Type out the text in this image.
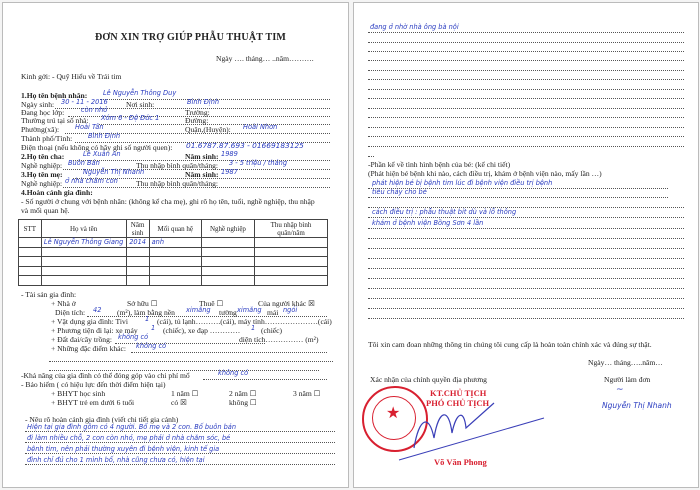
ĐƠN XIN TRỢ GIÚP PHẪU THUẬT TIM
Ngày …. tháng… ..năm……….
Kinh gởi: - Quỹ Hiểu về Trái tim
1.Họ tên bệnh nhân: Lê Nguyễn Thông Duy
Ngày sinh: 30 - 11 - 2016 Nơi sinh:	Bình Định
Đang học lớp:	còn nhỏ	Trường:
Thường trú tại số nhà: Xóm 6 - Đệ Đức 1	Đường:
Phường(xã): Hoài Tân	Quận,(Huyện): Hoài Nhơn
Thành phố/Tỉnh: Bình Định
Điện thoại (nếu không có hãy ghi số người quen): 01.6787.87.693 - 01669183125
2.Họ tên cha:	Lê Xuân An	Năm sinh: 1989
Nghề nghiệp: Buôn Bán	Thu nhập bình quân/tháng: 3 - 5 triệu / tháng
3.Họ tên mẹ:	Nguyễn Thị Nhanh	Năm sinh: 1987
Nghề nghiệp: ở nhà chăm con Thu nhập bình quân/tháng:
4.Hoàn cảnh gia đình:
- Số người ở chung với bệnh nhân: (không kể cha mẹ), ghi rõ họ tên, tuổi, nghề nghiệp, thu nhập
và mối quan hệ.
STT	Họ và tên	Năm sinh	Mối quan hệ	Nghề nghiệp	Thu nhập bình quân/năm
	Lê Nguyễn Thông Giang	2014	anh		

- Tài sản gia đình:
+ Nhà ở	Sở hữu ☐	Thuê ☐	Của người khác ☒
Diện tích: 42 (m²), làm bằng nền ximăng tường ximăng mái ngói
+ Vật dụng gia đình: Tivi	1 (cái), tủ lạnh……….(cái), máy tính…………………(cái)
+ Phương tiện đi lại: xe máy 1 (chiếc), xe đạp ………… 1 (chiếc)
+ Đất đai/cây trồng: không có	diện tích…………… (m²)
+ Những đặc điểm khác: không có
-Khả năng của gia đình có thể đóng góp vào chi phí mổ	không có
- Bảo hiểm ( có hiệu lực đến thời điểm hiện tại)
+ BHYT học sinh	1 năm ☐	2 năm ☐	3 năm ☐
+ BHYT trẻ em dưới 6 tuổi	có ☒	không ☐
- Nêu rõ hoàn cảnh gia đình (viết chi tiết gia cảnh)
Hiện tại gia đình gồm có 4 người. Bố mẹ và 2 con. Bố buôn bán
đi làm nhiều chỗ, 2 con còn nhỏ, mẹ phải ở nhà chăm sóc, bé
bệnh tim, nên phải thường xuyên đi bệnh viện, kinh tế gia
đình chỉ đủ cho 1 mình bố, nhà cũng chưa có, hiện tại
đang ở nhờ nhà ông bà nội
-Phần kể về tình hình bệnh của bé: (kể chi tiết)
(Phát hiện bé bệnh khi nào, cách điều trị, khám ở bệnh viện nào, mấy lần …)
phát hiện bé bị bệnh tim lúc đi bệnh viện điều trị bệnh
tiêu chảy cho bé
cách điều trị : phẫu thuật bít dù và lỗ thông
khám ở bệnh viện Bồng Sơn 4 lần
Tôi xin cam đoan những thông tin chúng tôi cung cấp là hoàn toàn chính xác và đúng sự thật.
Ngày… tháng…..năm…
Xác nhận của chính quyền địa phương	Người làm đơn
~
Nguyễn Thị Nhanh
★
KT.CHỦ TỊCH
PHÓ CHỦ TỊCH
Võ Văn Phong
